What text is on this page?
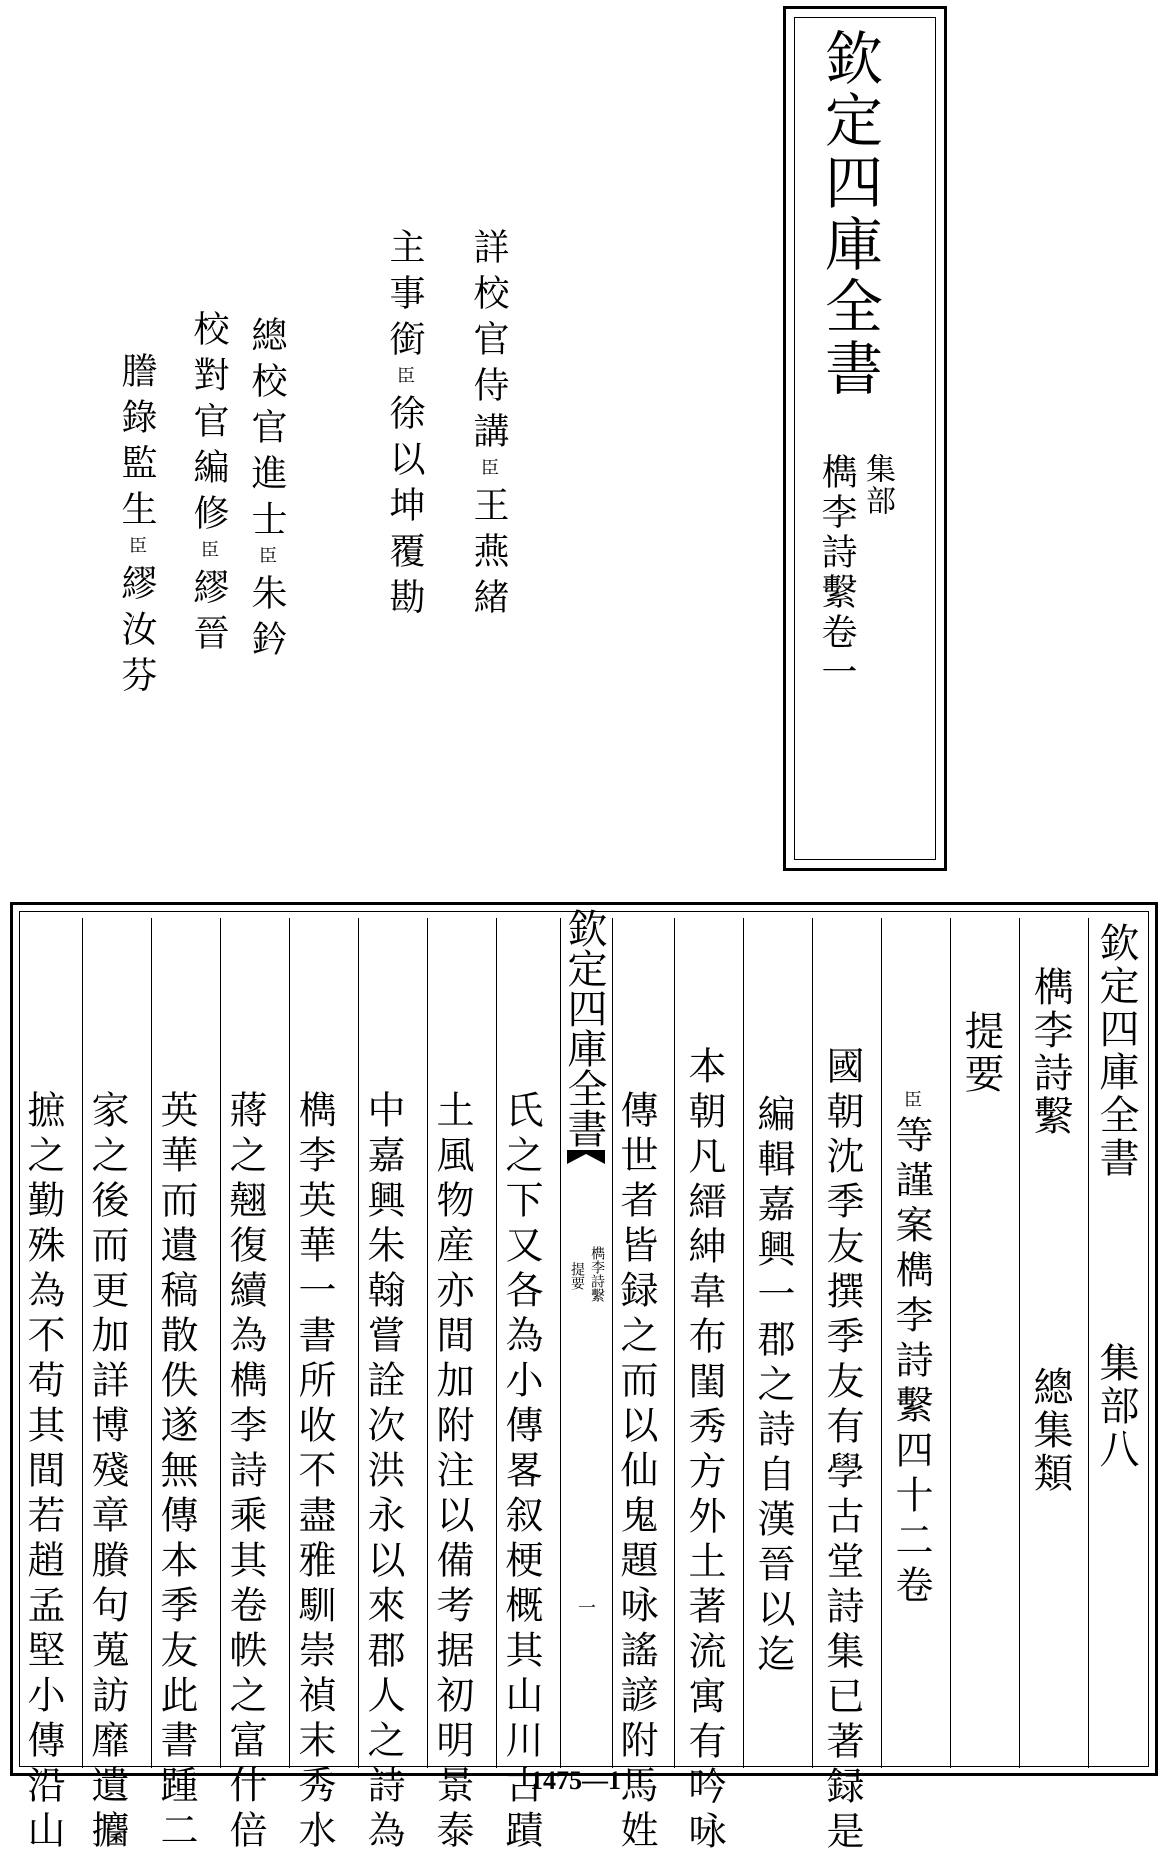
欽定四庫全書
集部
檇李詩繫卷一
詳校官侍講臣王燕緒
主事銜臣徐以坤覆勘
總校官進士臣朱鈐
校對官編修臣繆晉
謄錄監生臣繆汝芬
欽定四庫全書
集部八
檇李詩繫
總集類
提要
臣等謹案檇李詩繫四十二卷
國朝沈季友撰季友有學古堂詩集已著録是
編輯嘉興一郡之詩自漢晉以迄
本朝凡縉紳韋布閨秀方外土著流寓有吟咏
傳世者皆録之而以仙鬼題咏謠諺附馬姓
欽定四庫全書
檇李詩繫
提要
一
氏之下又各為小傳畧叙梗概其山川古蹟
土風物産亦間加附注以備考据初明景泰
中嘉興朱翰嘗詮次洪永以來郡人之詩為
檇李英華一書所收不盡雅馴崇禎末秀水
蔣之翹復續為檇李詩乘其卷帙之富什倍
英華而遺稿散佚遂無傳本季友此書踵二
家之後而更加詳博殘章賸句蒐訪靡遺攟
摭之勤殊為不苟其間若趙孟堅小傳沿山	1475—1
